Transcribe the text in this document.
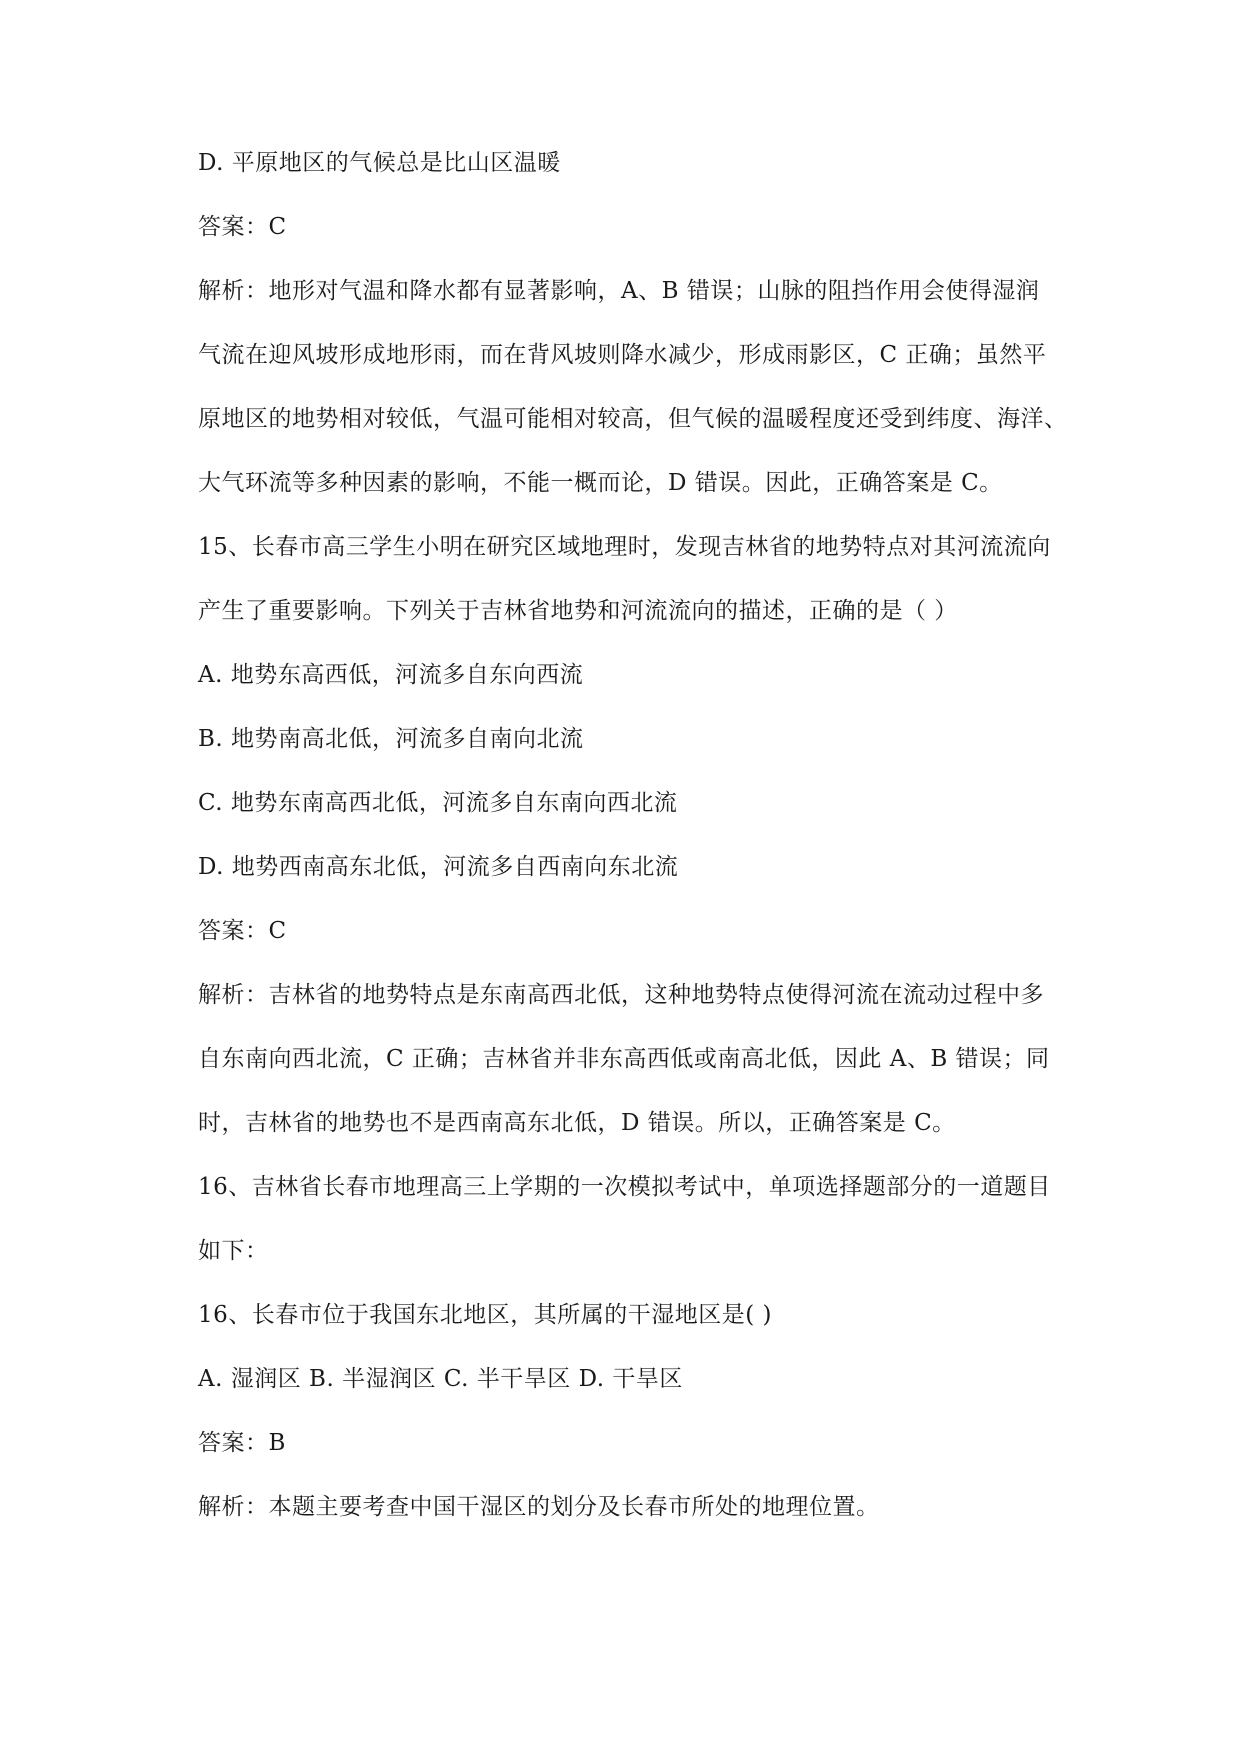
D. 平原地区的气候总是比山区温暖
答案：C
解析：地形对气温和降水都有显著影响，A、B 错误；山脉的阻挡作用会使得湿润
气流在迎风坡形成地形雨，而在背风坡则降水减少，形成雨影区，C 正确；虽然平
原地区的地势相对较低，气温可能相对较高，但气候的温暖程度还受到纬度、海洋、
大气环流等多种因素的影响，不能一概而论，D 错误。因此，正确答案是 C。
15、长春市高三学生小明在研究区域地理时，发现吉林省的地势特点对其河流流向
产生了重要影响。下列关于吉林省地势和河流流向的描述，正确的是（ ）
A. 地势东高西低，河流多自东向西流
B. 地势南高北低，河流多自南向北流
C. 地势东南高西北低，河流多自东南向西北流
D. 地势西南高东北低，河流多自西南向东北流
答案：C
解析：吉林省的地势特点是东南高西北低，这种地势特点使得河流在流动过程中多
自东南向西北流，C 正确；吉林省并非东高西低或南高北低，因此 A、B 错误；同
时，吉林省的地势也不是西南高东北低，D 错误。所以，正确答案是 C。
16、吉林省长春市地理高三上学期的一次模拟考试中，单项选择题部分的一道题目
如下：
16、长春市位于我国东北地区，其所属的干湿地区是( )
A. 湿润区 B. 半湿润区 C. 半干旱区 D. 干旱区
答案：B
解析：本题主要考查中国干湿区的划分及长春市所处的地理位置。
